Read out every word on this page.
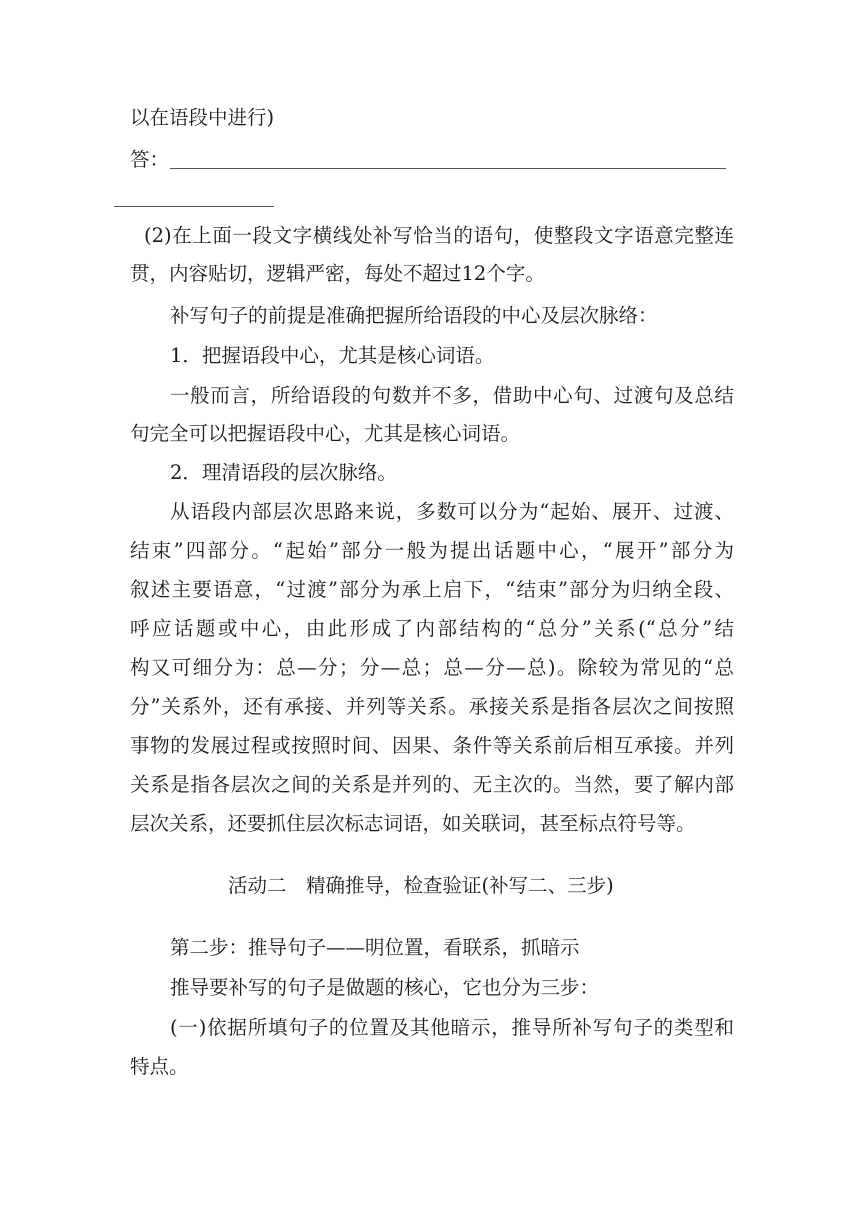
以在语段中进行)
答：
(2)在上面一段文字横线处补写恰当的语句，使整段文字语意完整连
贯，内容贴切，逻辑严密，每处不超过12个字。
补写句子的前提是准确把握所给语段的中心及层次脉络：
1．把握语段中心，尤其是核心词语。
一般而言，所给语段的句数并不多，借助中心句、过渡句及总结
句完全可以把握语段中心，尤其是核心词语。
2．理清语段的层次脉络。
从语段内部层次思路来说，多数可以分为“起始、展开、过渡、
结束”四部分。“起始”部分一般为提出话题中心，“展开”部分为
叙述主要语意，“过渡”部分为承上启下，“结束”部分为归纳全段、
呼应话题或中心，由此形成了内部结构的“总分”关系(“总分”结
构又可细分为：总—分；分—总；总—分—总)。除较为常见的“总
分”关系外，还有承接、并列等关系。承接关系是指各层次之间按照
事物的发展过程或按照时间、因果、条件等关系前后相互承接。并列
关系是指各层次之间的关系是并列的、无主次的。当然，要了解内部
层次关系，还要抓住层次标志词语，如关联词，甚至标点符号等。
活动二　精确推导，检查验证(补写二、三步)
第二步：推导句子——明位置，看联系，抓暗示
推导要补写的句子是做题的核心，它也分为三步：
(一)依据所填句子的位置及其他暗示，推导所补写句子的类型和
特点。
